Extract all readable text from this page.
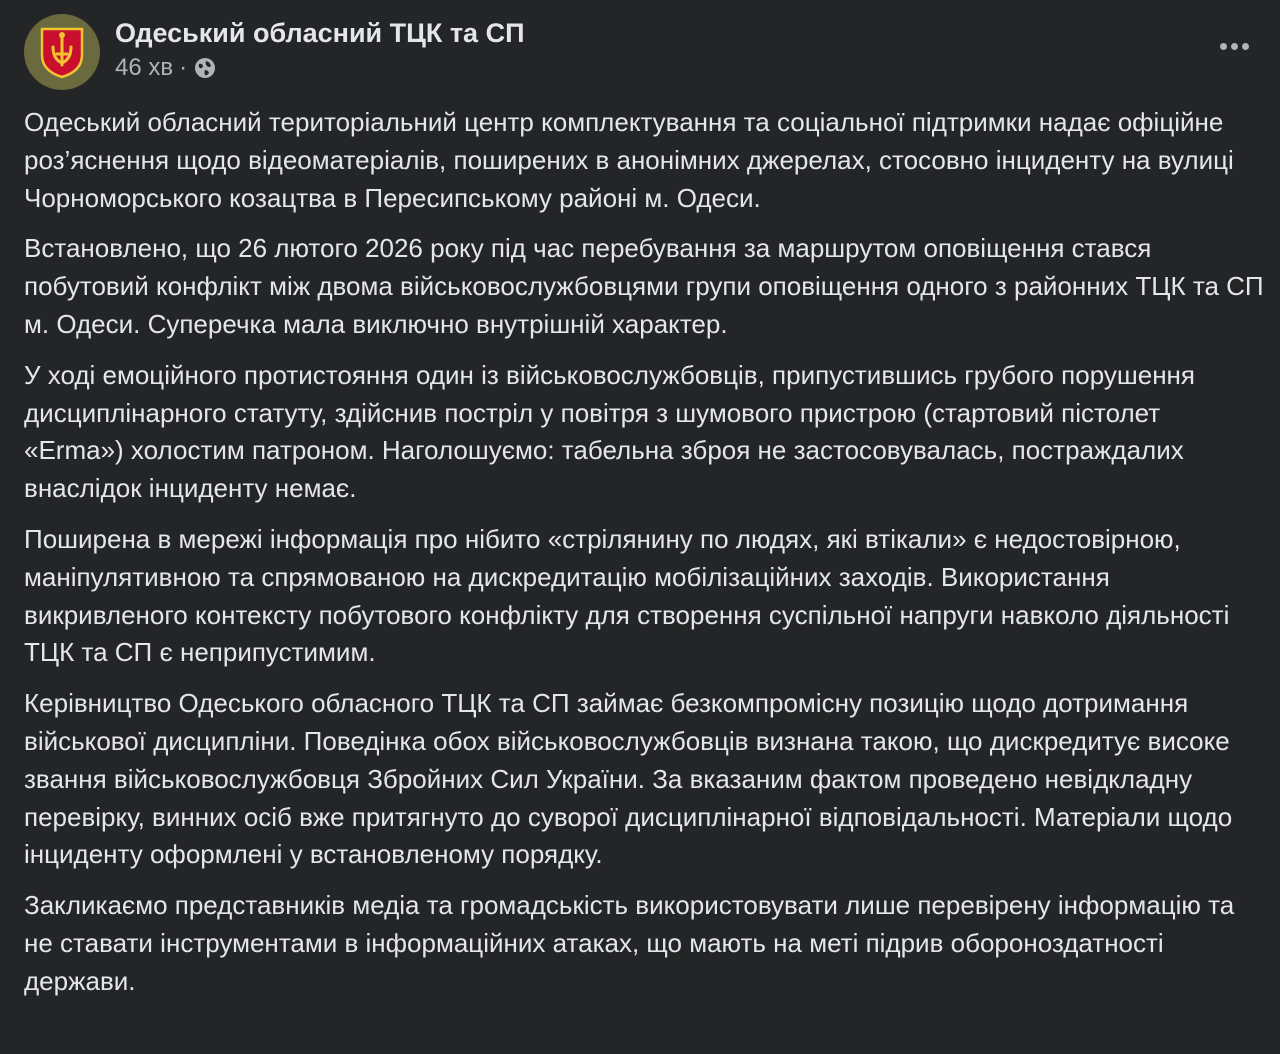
Одеський обласний ТЦК та СП
46 хв ·

Одеський обласний територіальний центр комплектування та соціальної підтримки надає офіційне роз’яснення щодо відеоматеріалів, поширених в анонімних джерелах, стосовно інциденту на вулиці Чорноморського козацтва в Пересипському районі м. Одеси.

Встановлено, що 26 лютого 2026 року під час перебування за маршрутом оповіщення стався побутовий конфлікт між двома військовослужбовцями групи оповіщення одного з районних ТЦК та СП м. Одеси. Суперечка мала виключно внутрішній характер.

У ході емоційного протистояння один із військовослужбовців, припустившись грубого порушення дисциплінарного статуту, здійснив постріл у повітря з шумового пристрою (стартовий пістолет «Erma») холостим патроном. Наголошуємо: табельна зброя не застосовувалась, постраждалих внаслідок інциденту немає.

Поширена в мережі інформація про нібито «стрілянину по людях, які втікали» є недостовірною, маніпулятивною та спрямованою на дискредитацію мобілізаційних заходів. Використання викривленого контексту побутового конфлікту для створення суспільної напруги навколо діяльності ТЦК та СП є неприпустимим.

Керівництво Одеського обласного ТЦК та СП займає безкомпромісну позицію щодо дотримання військової дисципліни. Поведінка обох військовослужбовців визнана такою, що дискредитує високе звання військовослужбовця Збройних Сил України. За вказаним фактом проведено невідкладну перевірку, винних осіб вже притягнуто до суворої дисциплінарної відповідальності. Матеріали щодо інциденту оформлені у встановленому порядку.

Закликаємо представників медіа та громадськість використовувати лише перевірену інформацію та не ставати інструментами в інформаційних атаках, що мають на меті підрив обороноздатності держави.
